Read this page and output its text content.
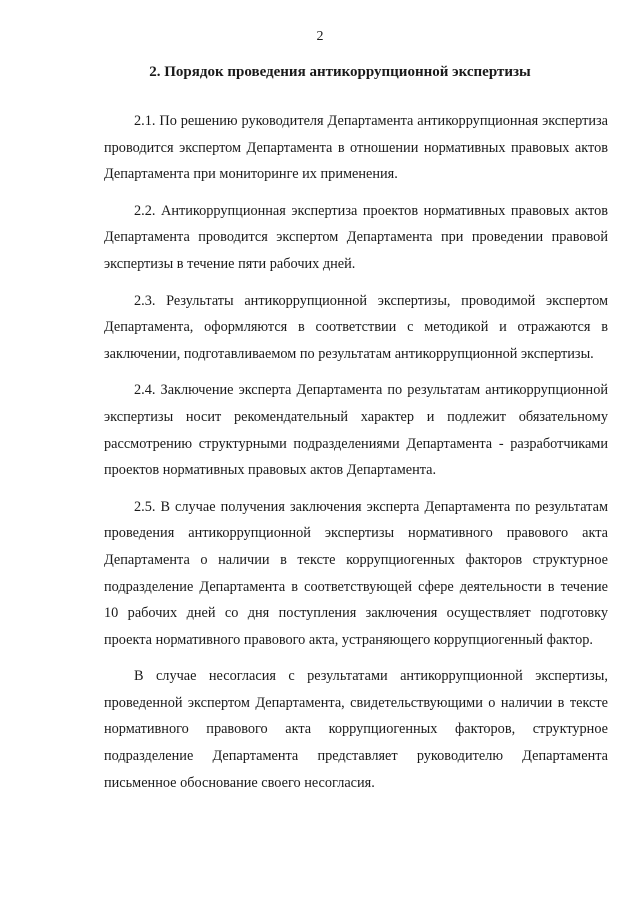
2
2. Порядок проведения антикоррупционной экспертизы

2.1. По решению руководителя Департамента антикоррупционная экспертиза проводится экспертом Департамента в отношении нормативных правовых актов Департамента при мониторинге их применения.

2.2. Антикоррупционная экспертиза проектов нормативных правовых актов Департамента проводится экспертом Департамента при проведении правовой экспертизы в течение пяти рабочих дней.

2.3. Результаты антикоррупционной экспертизы, проводимой экспертом Департамента, оформляются в соответствии с методикой и отражаются в заключении, подготавливаемом по результатам антикоррупционной экспертизы.

2.4. Заключение эксперта Департамента по результатам антикоррупционной экспертизы носит рекомендательный характер и подлежит обязательному рассмотрению структурными подразделениями Департамента - разработчиками проектов нормативных правовых актов Департамента.

2.5. В случае получения заключения эксперта Департамента по результатам проведения антикоррупционной экспертизы нормативного правового акта Департамента о наличии в тексте коррупциогенных факторов структурное подразделение Департамента в соответствующей сфере деятельности в течение 10 рабочих дней со дня поступления заключения осуществляет подготовку проекта нормативного правового акта, устраняющего коррупциогенный фактор.

В случае несогласия с результатами антикоррупционной экспертизы, проведенной экспертом Департамента, свидетельствующими о наличии в тексте нормативного правового акта коррупциогенных факторов, структурное подразделение Департамента представляет руководителю Департамента письменное обоснование своего несогласия.
